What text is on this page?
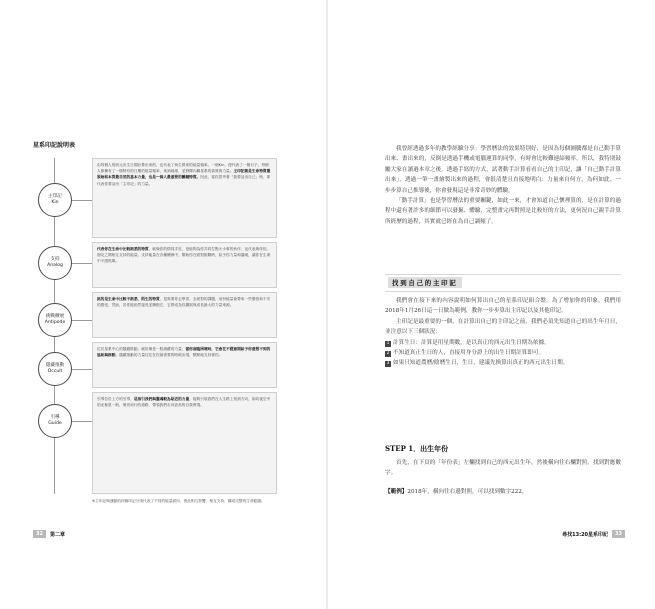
星系印記說明表
主印記
Kin

由每個人的西元出生日期計算出來的，也代表了與生俱來的能量頻率。一個Kin，便代表了一個日子。每個人都擁有了一個特有的日期的能量頻率，來到地球，並發揮內屬星系的資質與力量。主印記就是生命特質最原始和本質最自然的基本力量，也是一個人最重要的關鍵特質。因此，當你思考著「我要活出自己」時，即代表你要活出「主印記」的力量。

支持
Analog

代表你在生命中比較熟悉的特質，就像你的情同手足，是能夠為你共同打點大小事的伙伴，也代表與伴侶、朋友之間相互支持的能量。支持能量在各種關係中，幫助你在面對挑戰時，給予你力量和溫暖，讓你在生命中不感孤單。

挑戰擴展
Antipode

挑的是生命中比較不熟悉、陌生的特質，是需要你去學習、去面對的課題，這份能量會帶來一些緊張和不安的感受，然而，若你能坦然接受並擁抱它，它將成為你擴展與成長最大的力量來源。

隱藏推動
Occult

位於星系中心的隱藏推動，就好像是一股潛藏的力量，當你面臨困境時，它會在不經意間給予你意想不到的協助與推動。隱藏推動的力量往往在你最需要的時候出現，默默地支持著你。

引導
Guide

引導位於上方的引導，是指引我們與靈魂較為貼近的力量，能夠引領我們在人生路上找到方向，如同夜空中的北極星一般，照亮前行的道路，帶領我們走向更高的自我實現。

※主印記與連動的四個印記分別代表了不同的能量面向，彼此相互影響、相互支持，構成完整的生命藍圖。
32	第二章

我曾經透過多年的教學經驗分享：學習曆法的效果特別好，是因為每個圖騰都是自己動手算出來、畫出來的，反倒是透過手機或電腦運算的同學，有時會比較難連結頻率。所以，我特別鼓勵大家在讀過本章之後，透過手寫的方式，試著動手計算看看自己的主印記，讓「自己動手計算出來」，透過一筆一畫繪製出來的過程，會很清楚且直接地明白：力量來自何方，為何如此。一步步算自己推導後，你會發現這是非常奇妙的體驗。

「動手計算」也是學習曆法的重要關鍵，如此一來，才會知道自己懷裡算的，是在計算的過程中還有著許多的細節可以發掘、體驗，完整畫完再對照是比較好的方法，更何況自己親手計算所經歷的過程，其實就已經在為自己調頻了。

找到自己的主印記

我們會在接下來的內容說明如何算出自己的星系印記組合盤。為了增加你的印象，我們用2018年1月26日這一日做為範例，教你一步步算出主印記以及其他印記。

主印記是最重要的一個，在計算出自己的主印記之前，我們必須先知道自己的出生年月日，並注意以下三個狀況：

1 計算生日：計算是用星期數，是以真正的西元出生日期為依據。

2 不知道真正生日的人，直接用身分證上的出生日期計算即可。

3 如果只知道農曆/陰曆生日，生日，建議先換算出真正的西元出生日期。

STEP 1．出生年份

首先，在下頁的「年份表」左欄找到自己的西元出生年，然後橫向往右欄對照，找到對應數字。

【範例】2018年，橫向往右邊對照，可以找到數字222。
尋找13:20星系印記	33
